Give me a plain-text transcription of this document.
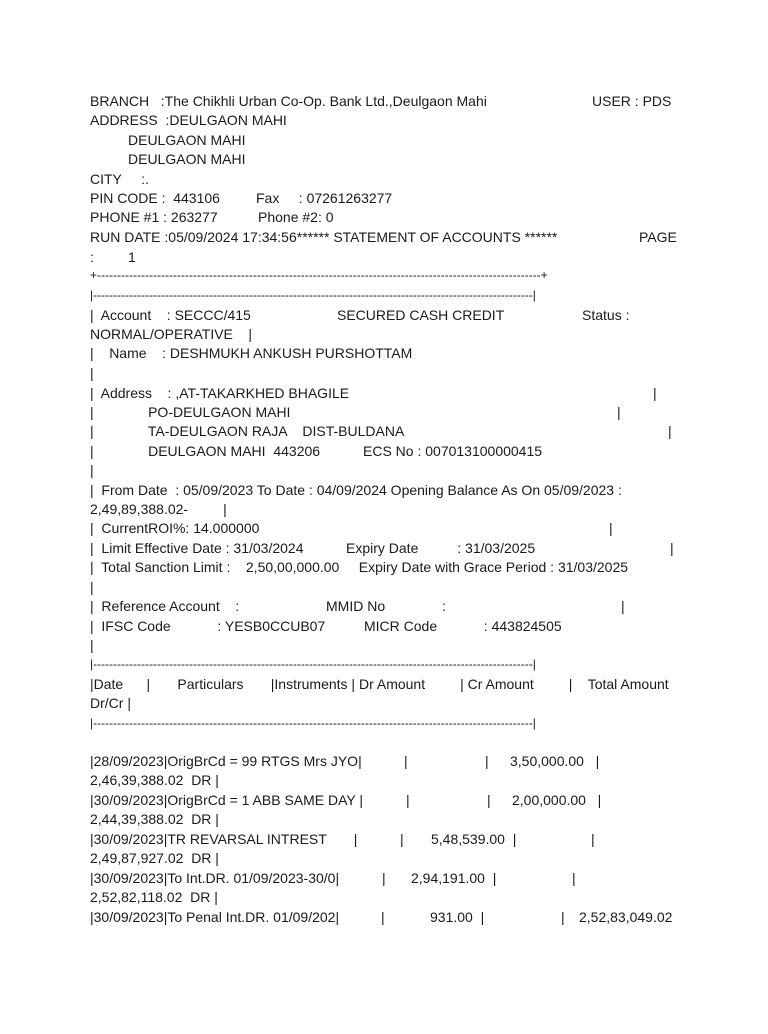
BRANCH   :The Chikhli Urban Co-Op. Bank Ltd.,Deulgaon Mahi

	USER : PDS

ADDRESS  :DEULGAON MAHI
DEULGAON MAHI
DEULGAON MAHI
CITY     :.

PIN CODE :  443106

	Fax     : 07261263277

PHONE #1 : 263277

	Phone #2: 0

RUN DATE :05/09/2024 17:34:56****** STATEMENT OF ACCOUNTS ******

	PAGE

:

1

+---------------------------------------------------------------------------------------------------------------+
|--------------------------------------------------------------------------------------------------------------|

|  Account    : SECCC/415

	SECURED CASH CREDIT

	Status :

NORMAL/OPERATIVE    |
|    Name    : DESHMUKH ANKUSH PURSHOTTAM
|

|  Address    : ,AT-TAKARKHED BHAGILE

	|

|              PO-DEULGAON MAHI

	|

|              TA-DEULGAON RAJA    DIST-BULDANA

	|

|              DEULGAON MAHI  443206

	ECS No : 007013100000415

|
|  From Date  : 05/09/2023 To Date : 04/09/2024 Opening Balance As On 05/09/2023 :
2,49,89,388.02-         |

|  CurrentROI%: 14.000000

	|

|  Limit Effective Date : 31/03/2024

	Expiry Date          : 31/03/2025

	|

|  Total Sanction Limit :    2,50,00,000.00     Expiry Date with Grace Period : 31/03/2025
|

|  Reference Account    :

	MMID No

	:

	|

|  IFSC Code            : YESB0CCUB07

	MICR Code            : 443824505

|
|--------------------------------------------------------------------------------------------------------------|
|Date      |       Particulars       |Instruments | Dr Amount         | Cr Amount         |    Total Amount
Dr/Cr |
|--------------------------------------------------------------------------------------------------------------|

|28/09/2023|OrigBrCd = 99 RTGS Mrs JYO|

	|

	|

3,50,000.00   |

2,46,39,388.02  DR |

|30/09/2023|OrigBrCd = 1 ABB SAME DAY |

	|

	|

2,00,000.00   |

2,44,39,388.02  DR |

|30/09/2023|TR REVARSAL INTREST       |

	|

5,48,539.00  |

	|

2,49,87,927.02  DR |

|30/09/2023|To Int.DR. 01/09/2023-30/0|

	|

2,94,191.00  |

	|

2,52,82,118.02  DR |

|30/09/2023|To Penal Int.DR. 01/09/202|

	|

	931.00  |

	|

2,52,83,049.02
